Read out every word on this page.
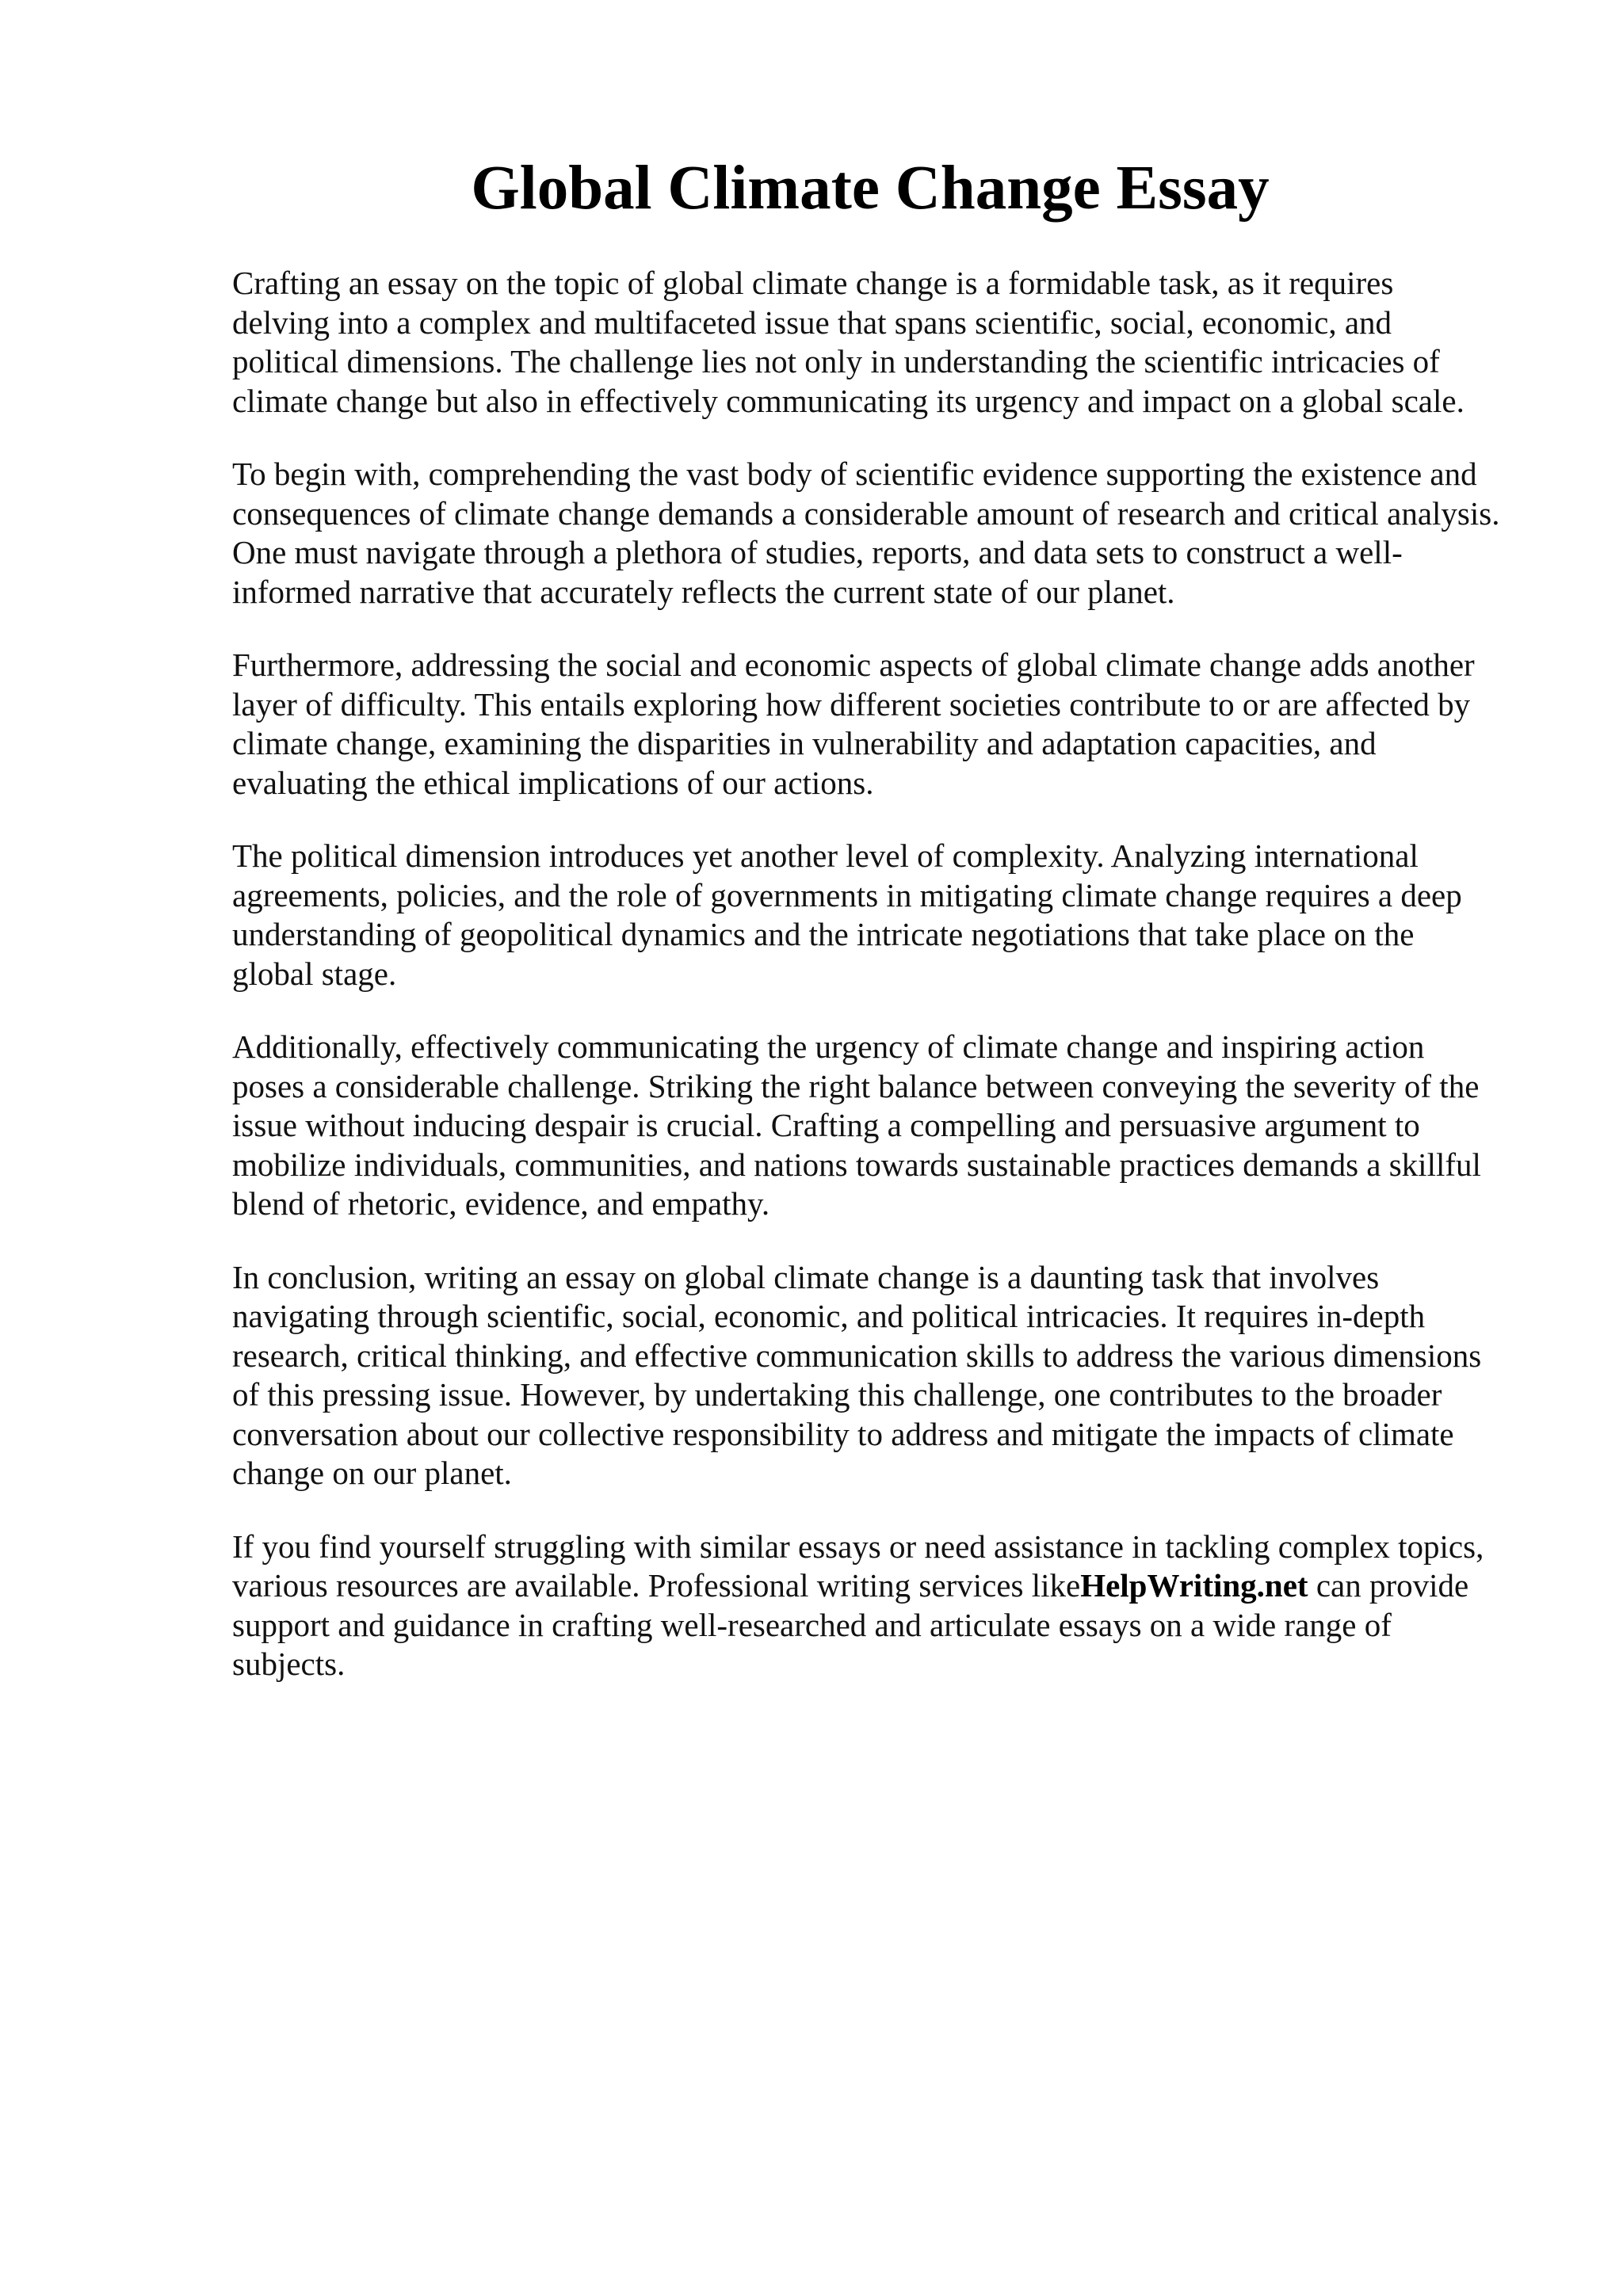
Global Climate Change Essay

Crafting an essay on the topic of global climate change is a formidable task, as it requires
delving into a complex and multifaceted issue that spans scientific, social, economic, and
political dimensions. The challenge lies not only in understanding the scientific intricacies of
climate change but also in effectively communicating its urgency and impact on a global scale.

To begin with, comprehending the vast body of scientific evidence supporting the existence and
consequences of climate change demands a considerable amount of research and critical analysis.
One must navigate through a plethora of studies, reports, and data sets to construct a well-
informed narrative that accurately reflects the current state of our planet.

Furthermore, addressing the social and economic aspects of global climate change adds another
layer of difficulty. This entails exploring how different societies contribute to or are affected by
climate change, examining the disparities in vulnerability and adaptation capacities, and
evaluating the ethical implications of our actions.

The political dimension introduces yet another level of complexity. Analyzing international
agreements, policies, and the role of governments in mitigating climate change requires a deep
understanding of geopolitical dynamics and the intricate negotiations that take place on the
global stage.

Additionally, effectively communicating the urgency of climate change and inspiring action
poses a considerable challenge. Striking the right balance between conveying the severity of the
issue without inducing despair is crucial. Crafting a compelling and persuasive argument to
mobilize individuals, communities, and nations towards sustainable practices demands a skillful
blend of rhetoric, evidence, and empathy.

In conclusion, writing an essay on global climate change is a daunting task that involves
navigating through scientific, social, economic, and political intricacies. It requires in-depth
research, critical thinking, and effective communication skills to address the various dimensions
of this pressing issue. However, by undertaking this challenge, one contributes to the broader
conversation about our collective responsibility to address and mitigate the impacts of climate
change on our planet.

If you find yourself struggling with similar essays or need assistance in tackling complex topics,
various resources are available. Professional writing services likeHelpWriting.net can provide
support and guidance in crafting well-researched and articulate essays on a wide range of
subjects.
